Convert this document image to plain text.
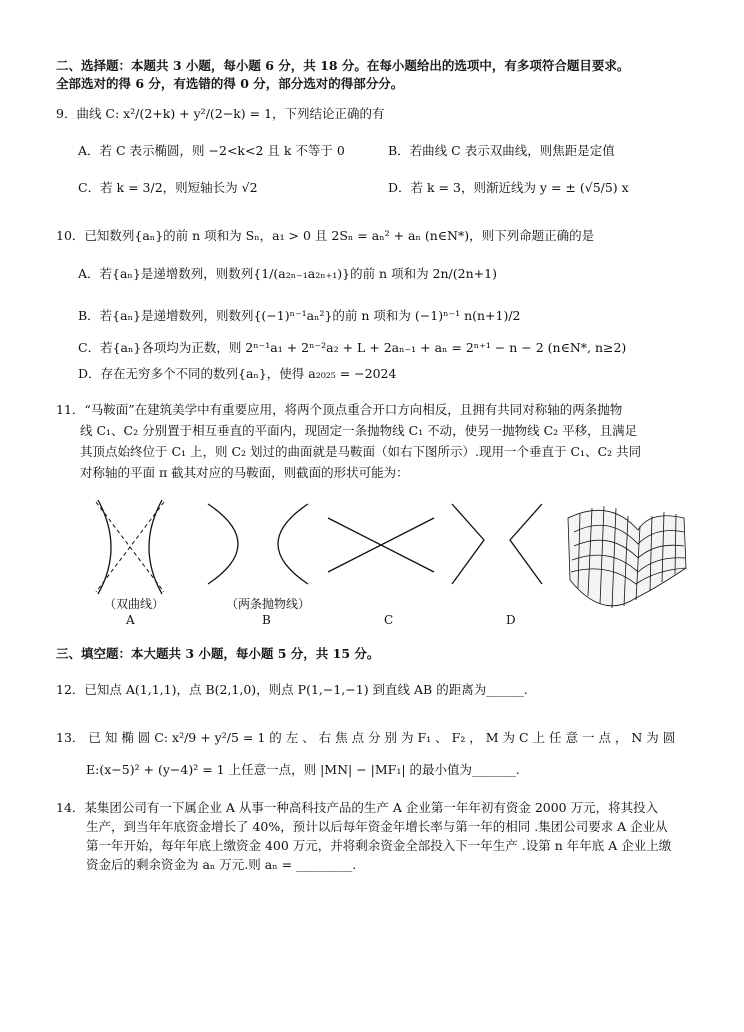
二、选择题：本题共 3 小题，每小题 6 分，共 18 分。在每小题给出的选项中，有多项符合题目要求。
全部选对的得 6 分，有选错的得 0 分，部分选对的得部分分。
9．曲线 C: x²/(2+k) + y²/(2−k) = 1，下列结论正确的有
A．若 C 表示椭圆，则 −2<k<2 且 k 不等于 0	B．若曲线 C 表示双曲线，则焦距是定值
C．若 k = 3/2，则短轴长为 √2	D．若 k = 3，则渐近线为 y = ± (√5/5) x
10．已知数列{aₙ}的前 n 项和为 Sₙ，a₁ > 0 且 2Sₙ = aₙ² + aₙ (n∈N*)，则下列命题正确的是
A．若{aₙ}是递增数列，则数列{1/(a₂ₙ₋₁a₂ₙ₊₁)}的前 n 项和为 2n/(2n+1)
B．若{aₙ}是递增数列，则数列{(−1)ⁿ⁻¹aₙ²}的前 n 项和为 (−1)ⁿ⁻¹ n(n+1)/2
C．若{aₙ}各项均为正数，则 2ⁿ⁻¹a₁ + 2ⁿ⁻²a₂ + L + 2aₙ₋₁ + aₙ = 2ⁿ⁺¹ − n − 2 (n∈N*, n≥2)
D．存在无穷多个不同的数列{aₙ}，使得 a₂₀₂₅ = −2024
11．“马鞍面”在建筑美学中有重要应用，将两个顶点重合开口方向相反，且拥有共同对称轴的两条抛物
线 C₁、C₂ 分别置于相互垂直的平面内，现固定一条抛物线 C₁ 不动，使另一抛物线 C₂ 平移，且满足
其顶点始终位于 C₁ 上，则 C₂ 划过的曲面就是马鞍面（如右下图所示）.现用一个垂直于 C₁、C₂ 共同
对称轴的平面 π 截其对应的马鞍面，则截面的形状可能为：
（双曲线）	（两条抛物线）
A	B	C	D
三、填空题：本大题共 3 小题，每小题 5 分，共 15 分。
12．已知点 A(1,1,1)，点 B(2,1,0)，则点 P(1,−1,−1) 到直线 AB 的距离为______.
13． 已 知 椭 圆 C: x²/9 + y²/5 = 1 的 左 、 右 焦 点 分 别 为 F₁ 、 F₂ ， M 为 C 上 任 意 一 点 ， N 为 圆
E:(x−5)² + (y−4)² = 1 上任意一点，则 |MN| − |MF₁| 的最小值为_______.
14．某集团公司有一下属企业 A 从事一种高科技产品的生产 A 企业第一年年初有资金 2000 万元，将其投入
生产，到当年年底资金增长了 40%，预计以后每年资金年增长率与第一年的相同 .集团公司要求 A 企业从
第一年开始，每年年底上缴资金 400 万元，并将剩余资金全部投入下一年生产 .设第 n 年年底 A 企业上缴
资金后的剩余资金为 aₙ 万元.则 aₙ = _________.
